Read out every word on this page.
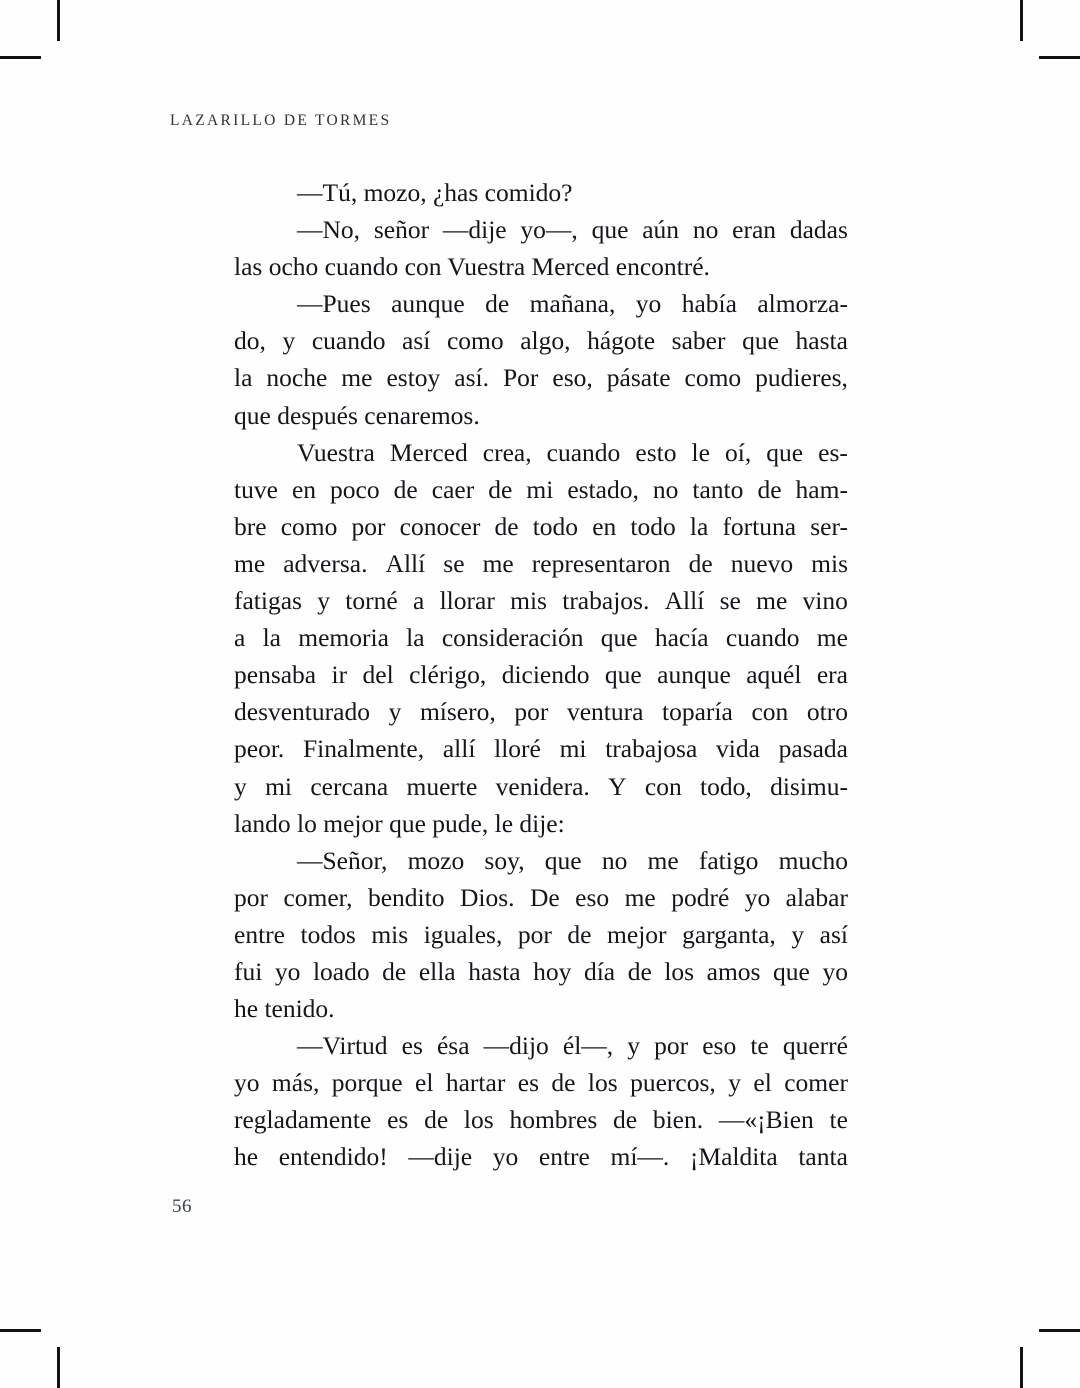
LAZARILLO DE TORMES
—Tú, mozo, ¿has comido?
—No, señor —dije yo—, que aún no eran dadas
las ocho cuando con Vuestra Merced encontré.
—Pues aunque de mañana, yo había almorza-
do, y cuando así como algo, hágote saber que hasta
la noche me estoy así. Por eso, pásate como pudieres,
que después cenaremos.
Vuestra Merced crea, cuando esto le oí, que es-
tuve en poco de caer de mi estado, no tanto de ham-
bre como por conocer de todo en todo la fortuna ser-
me adversa. Allí se me representaron de nuevo mis
fatigas y torné a llorar mis trabajos. Allí se me vino
a la memoria la consideración que hacía cuando me
pensaba ir del clérigo, diciendo que aunque aquél era
desventurado y mísero, por ventura toparía con otro
peor. Finalmente, allí lloré mi trabajosa vida pasada
y mi cercana muerte venidera. Y con todo, disimu-
lando lo mejor que pude, le dije:
—Señor, mozo soy, que no me fatigo mucho
por comer, bendito Dios. De eso me podré yo alabar
entre todos mis iguales, por de mejor garganta, y así
fui yo loado de ella hasta hoy día de los amos que yo
he tenido.
—Virtud es ésa —dijo él—, y por eso te querré
yo más, porque el hartar es de los puercos, y el comer
regladamente es de los hombres de bien. —«¡Bien te
he entendido! —dije yo entre mí—. ¡Maldita tanta
56
